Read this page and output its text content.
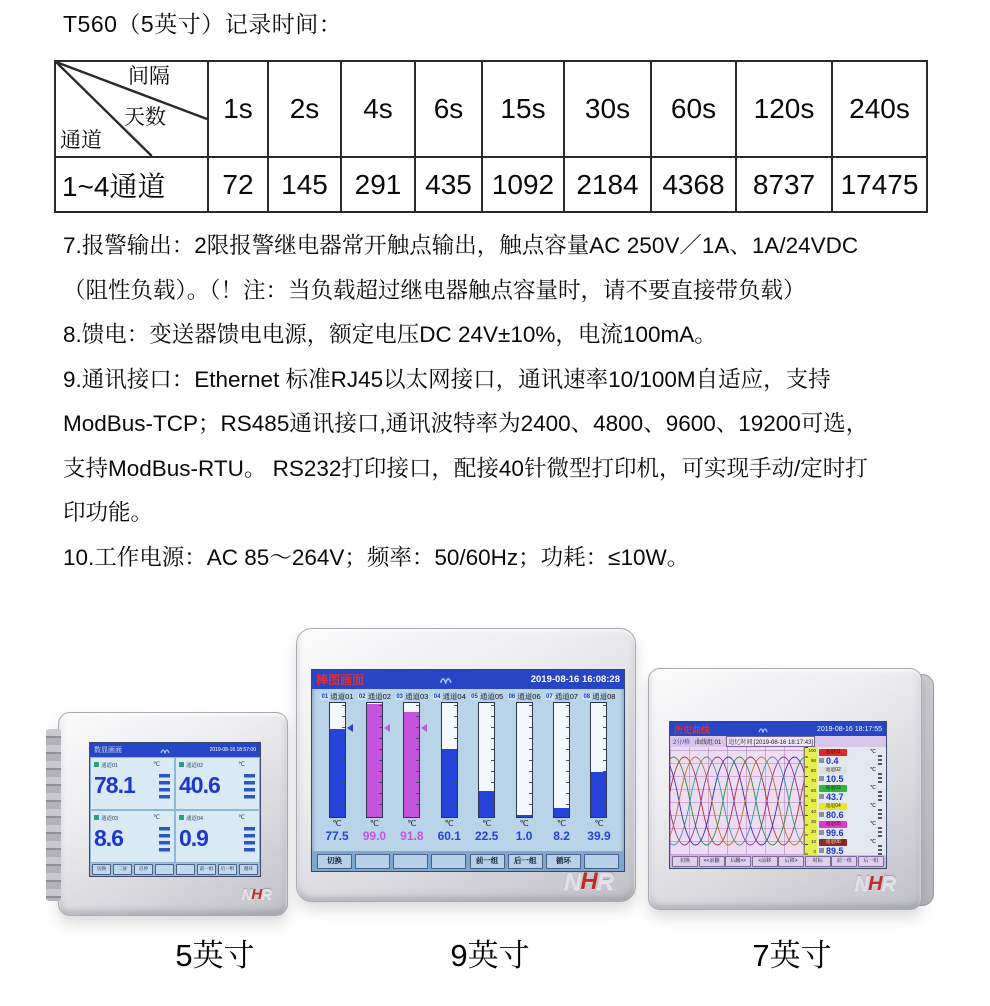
T560（5英寸）记录时间：
间隔
天数
通道	1s	2s	4s	6s	15s	30s	60s	120s	240s
1~4通道	72	145	291	435	1092	2184	4368	8737	17475
7.报警输出：2限报警继电器常开触点输出，触点容量AC 250V／1A、1A/24VDC
（阻性负载）。（！注：当负载超过继电器触点容量时，请不要直接带负载）
8.馈电：变送器馈电电源，额定电压DC 24V±10%，电流100mA。
9.通讯接口：Ethernet 标准RJ45以太网接口，通讯速率10/100M自适应，支持
ModBus-TCP；RS485通讯接口,通讯波特率为2400、4800、9600、19200可选，
支持ModBus-RTU。 RS232打印接口，配接40针微型打印机，可实现手动/定时打
印功能。
10.工作电源：AC 85～264V；频率：50/60Hz；功耗：≤10W。
数显画面	2019-08-16 18:57:00
通道01	℃
78.1
通道02	℃
40.6
通道03	℃
8.6
通道04	℃
0.9
切换	二屏	启停	前一组	后一组	循环
NHR
棒图画面	2019-08-16 16:08:28
01 通道01
℃
77.5
02 通道02
℃
99.0
03 通道03
℃
91.8
04 通道04
℃
60.1
05 通道05
℃
22.5
06 通道06
℃
1.0
07 通道07
℃
8.2
08 通道08
℃
39.9
切换	前一组	后一组	循环
NHR
历史曲线	2019-08-16 18:17:55
2分/格 曲线组:01	追忆时间:[2019-08-16 18:17:43]
100
90
80
70
60
50
40
30
20
10
0
通道01	℃
0.4
通道02	℃
10.5
通道03	℃
43.7
通道04	℃
80.6
通道05	℃
99.6
通道06	℃
89.5
切换	<<前翻	后翻>>	<前移	后移>	时标	前一组	后一组
NHR
5英寸	9英寸	7英寸
